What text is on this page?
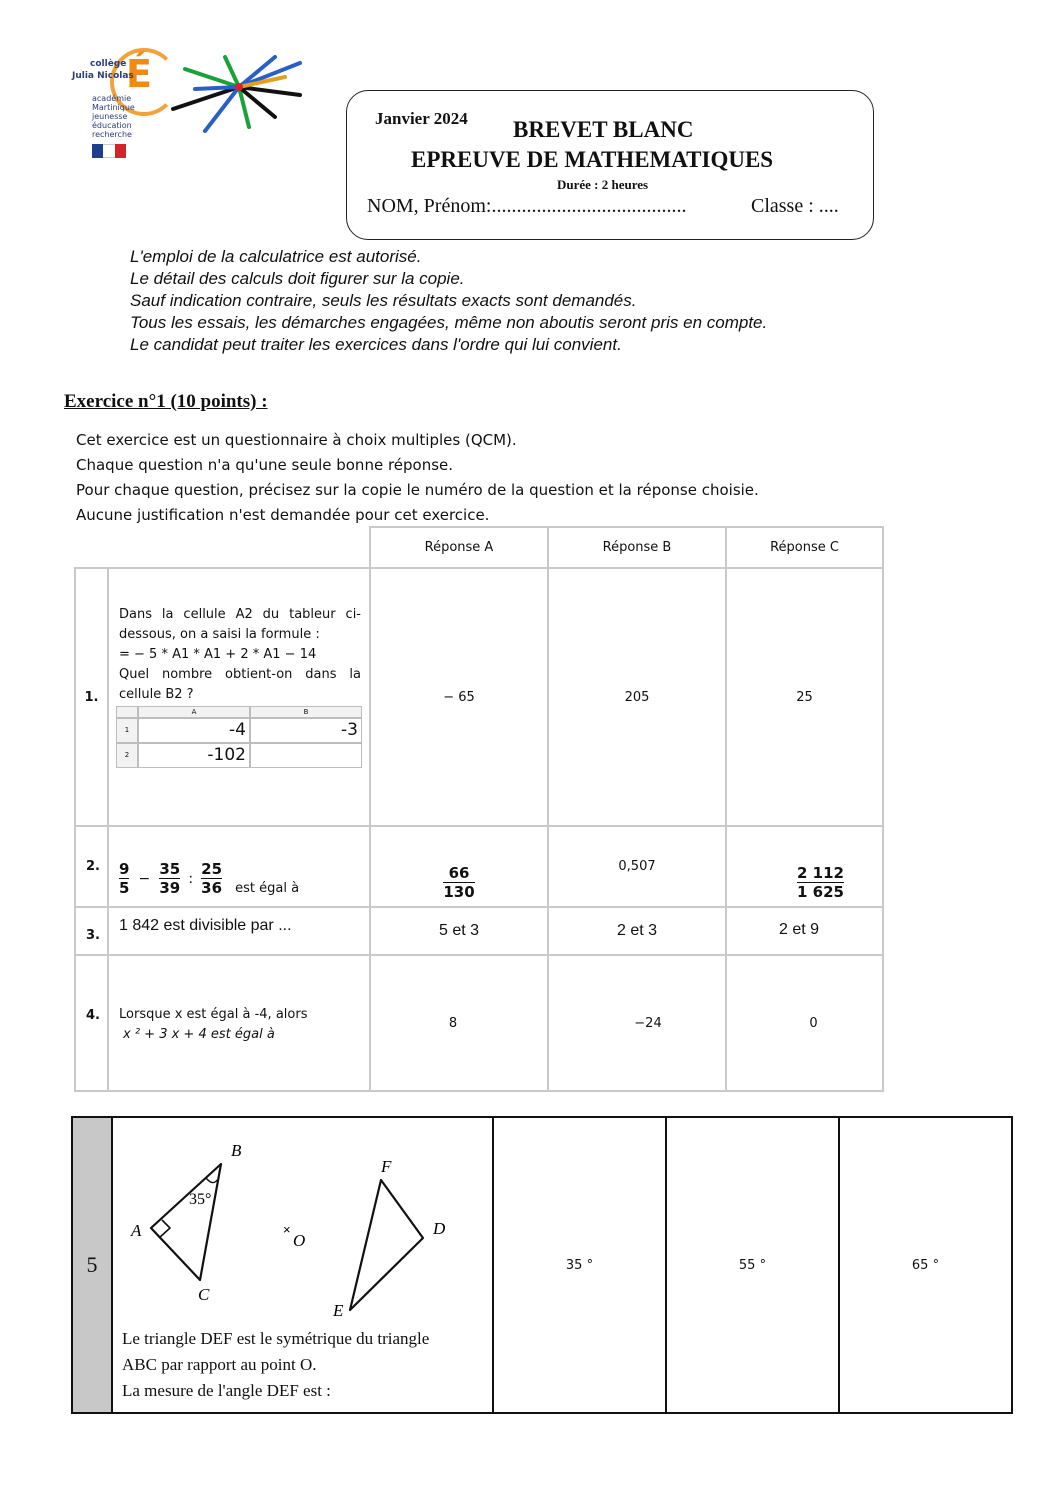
É
collège
Julia Nicolas
académie
Martinique
jeunesse
éducation
recherche
Janvier 2024 BREVET BLANC
EPREUVE DE MATHEMATIQUES
Durée : 2 heures
NOM, Prénom:.......................................	Classe : ....
L'emploi de la calculatrice est autorisé.
Le détail des calculs doit figurer sur la copie.
Sauf indication contraire, seuls les résultats exacts sont demandés.
Tous les essais, les démarches engagées, même non aboutis seront pris en compte.
Le candidat peut traiter les exercices dans l'ordre qui lui convient.
Exercice n°1 (10 points) :
Cet exercice est un questionnaire à choix multiples (QCM).
Chaque question n'a qu'une seule bonne réponse.
Pour chaque question, précisez sur la copie le numéro de la question et la réponse choisie.
Aucune justification n'est demandée pour cet exercice.
Réponse A	Réponse B	Réponse C
1.
Dans la cellule A2 du tableur ci-
dessous, on a saisi la formule :
= − 5 * A1 * A1 + 2 * A1 − 14
Quel nombre obtient-on dans la
cellule B2 ?
A	B
1	-4	-3
2	-102
− 65	205	25
2.	$\frac{9}{5} - \frac{35}{39}$ : $\frac{25}{36} _{est égal à}$	$\frac{66}{130}$	0,507	$\frac{2 112}{1 625}$
3.
1 842 est divisible par ...	5 et 3	2 et 3	2 et 9
4.	Lorsque x est égal à -4, alors
x ² + 3 x + 4 est égal à
8	−24	0
5
B
A
C
35°
×
O
F
D
E
Le triangle DEF est le symétrique du triangle
ABC par rapport au point O.
La mesure de l'angle DEF est :
35 °	55 °	65 °
